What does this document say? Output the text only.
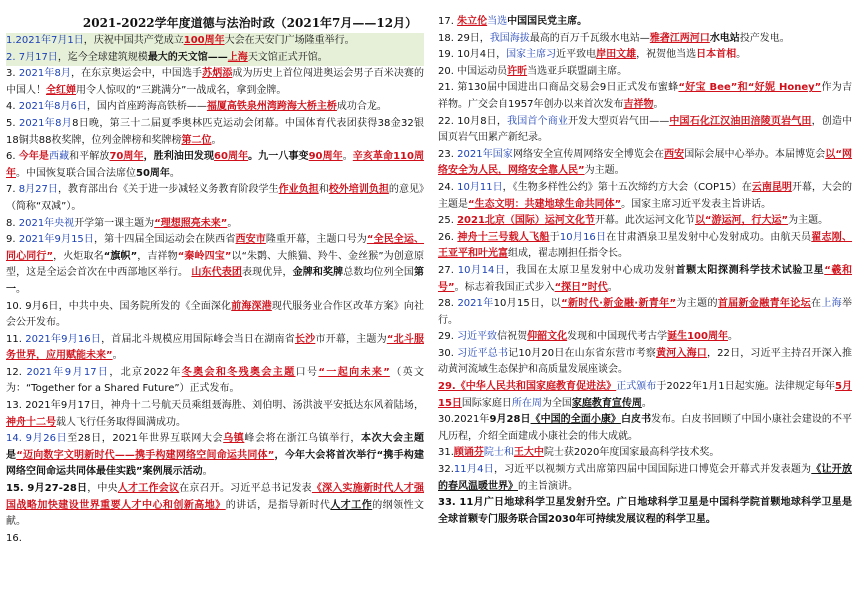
2021-2022学年度道德与法治时政（2021年7月——12月）

1.2021年7月1日，庆祝中国共产党成立100周年大会在天安门广场隆重举行。

2. 7月17日，迄今全球建筑规模最大的天文馆——上海天文馆正式开馆。

3. 2021年8月，在东京奥运会中，中国选手苏炳添成为历史上首位闯进奥运会男子百米决赛的中国人！全红婵用令人惊叹的“三跳满分”一战成名，拿到金牌。

4. 2021年8月6日，国内首座跨海高铁桥——福厦高铁泉州湾跨海大桥主桥成功合龙。

5. 2021年8月8日晚，第三十二届夏季奥林匹克运动会闭幕。中国体育代表团获得38金32银18铜共88枚奖牌，位列金牌榜和奖牌榜第二位。

6. 今年是西藏和平解放70周年，胜利油田发现60周年。九一八事变90周年。辛亥革命110周年。中国恢复联合国合法席位50周年。

7. 8月27日，教育部出台《关于进一步减轻义务教育阶段学生作业负担和校外培训负担的意见》（简称“双减”）。

8. 2021年央视开学第一课主题为“理想照亮未来”。

9. 2021年9月15日，第十四届全国运动会在陕西省西安市隆重开幕，主题口号为“全民全运、同心同行”，火炬取名“旗帜”，吉祥物“秦岭四宝”以“朱鹮、大熊猫、羚牛、金丝猴”为创意原型，这是全运会首次在中西部地区举行。 山东代表团表现优异，金牌和奖牌总数均位列全国第一。

10. 9月6日，中共中央、国务院所发的《全面深化前海深港现代服务业合作区改革方案》向社会公开发布。

11. 2021年9月16日，首届北斗规模应用国际峰会当日在湖南省长沙市开幕，主题为“北斗服务世界，应用赋能未来”。

12. 2021年9月17日，北京2022年冬奥会和冬残奥会主题口号“一起向未来”（英文为：“Together for a Shared Future”）正式发布。

13. 2021年9月17日，神舟十二号航天员乘组聂海胜、刘伯明、汤洪波平安抵达东风着陆场，神舟十二号载人飞行任务取得圆满成功。

14. 9月26日至28日，2021年世界互联网大会乌镇峰会将在浙江乌镇举行，本次大会主题是“迈向数字文明新时代——携手构建网络空间命运共同体”，今年大会将首次举行“携手构建网络空间命运共同体最佳实践”案例展示活动。

15. 9月27-28日，中央人才工作会议在京召开。习近平总书记发表《深入实施新时代人才强国战略加快建设世界重要人才中心和创新高地》的讲话，是指导新时代人才工作的纲领性文献。

16.

17. 朱立伦当选中国国民党主席。

18. 29日，我国海拔最高的百万千瓦级水电站—雅砻江两河口水电站投产发电。

19. 10月4日，国家主席习近平致电岸田文雄，祝贺他当选日本首相。

20. 中国运动员许昕当选亚乒联盟副主席。

21. 第130届中国进出口商品交易会9日正式发布蜜蜂“好宝 Bee”和“好妮 Honey”作为吉祥物。广交会自1957年创办以来首次发布吉祥物。

22. 10月8日，我国首个商业开发大型页岩气田——中国石化江汉油田涪陵页岩气田，创造中国页岩气田累产新纪录。

23. 2021年国家网络安全宣传周网络安全博览会在西安国际会展中心举办。本届博览会以“网络安全为人民，网络安全靠人民”为主题。

24. 10月11日，《生物多样性公约》第十五次缔约方大会（COP15）在云南昆明开幕，大会的主题是“生态文明：共建地球生命共同体”。国家主席习近平发表主旨讲话。

25. 2021北京（国际）运河文化节开幕。此次运河文化节以“游运河，行大运”为主题。

26. 神舟十三号载人飞船于10月16日在甘肃酒泉卫星发射中心发射成功。由航天员翟志刚、王亚平和叶光富组成，翟志刚担任指令长。

27. 10月14日，我国在太原卫星发射中心成功发射首颗太阳探测科学技术试验卫星“羲和号”。标志着我国正式步入“探日”时代。

28. 2021年10月15日，以“新时代·新金融·新青年”为主题的首届新金融青年论坛在上海举行。

29. 习近平致信祝贺仰韶文化发现和中国现代考古学诞生100周年。

30. 习近平总书记10月20日在山东省东营市考察黄河入海口，22日，习近平主持召开深入推动黄河流域生态保护和高质量发展座谈会。

29.《中华人民共和国家庭教育促进法》正式颁布于2022年1月1日起实施。法律规定每年5月15日国际家庭日所在周为全国家庭教育宣传周。

30.2021年9月28日《中国的全面小康》白皮书发布。白皮书回顾了中国小康社会建设的不平凡历程，介绍全面建成小康社会的伟大成就。

31.顾诵芬院士和王大中院士获2020年度国家最高科学技术奖。

32.11月4日，习近平以视频方式出席第四届中国国际进口博览会开幕式并发表题为《让开放的春风温暖世界》的主旨演讲。

33. 11月广日地球科学卫星发射升空。广日地球科学卫星是中国科学院首颗地球科学卫星是全球首颗专门服务联合国2030年可持续发展议程的科学卫星。
